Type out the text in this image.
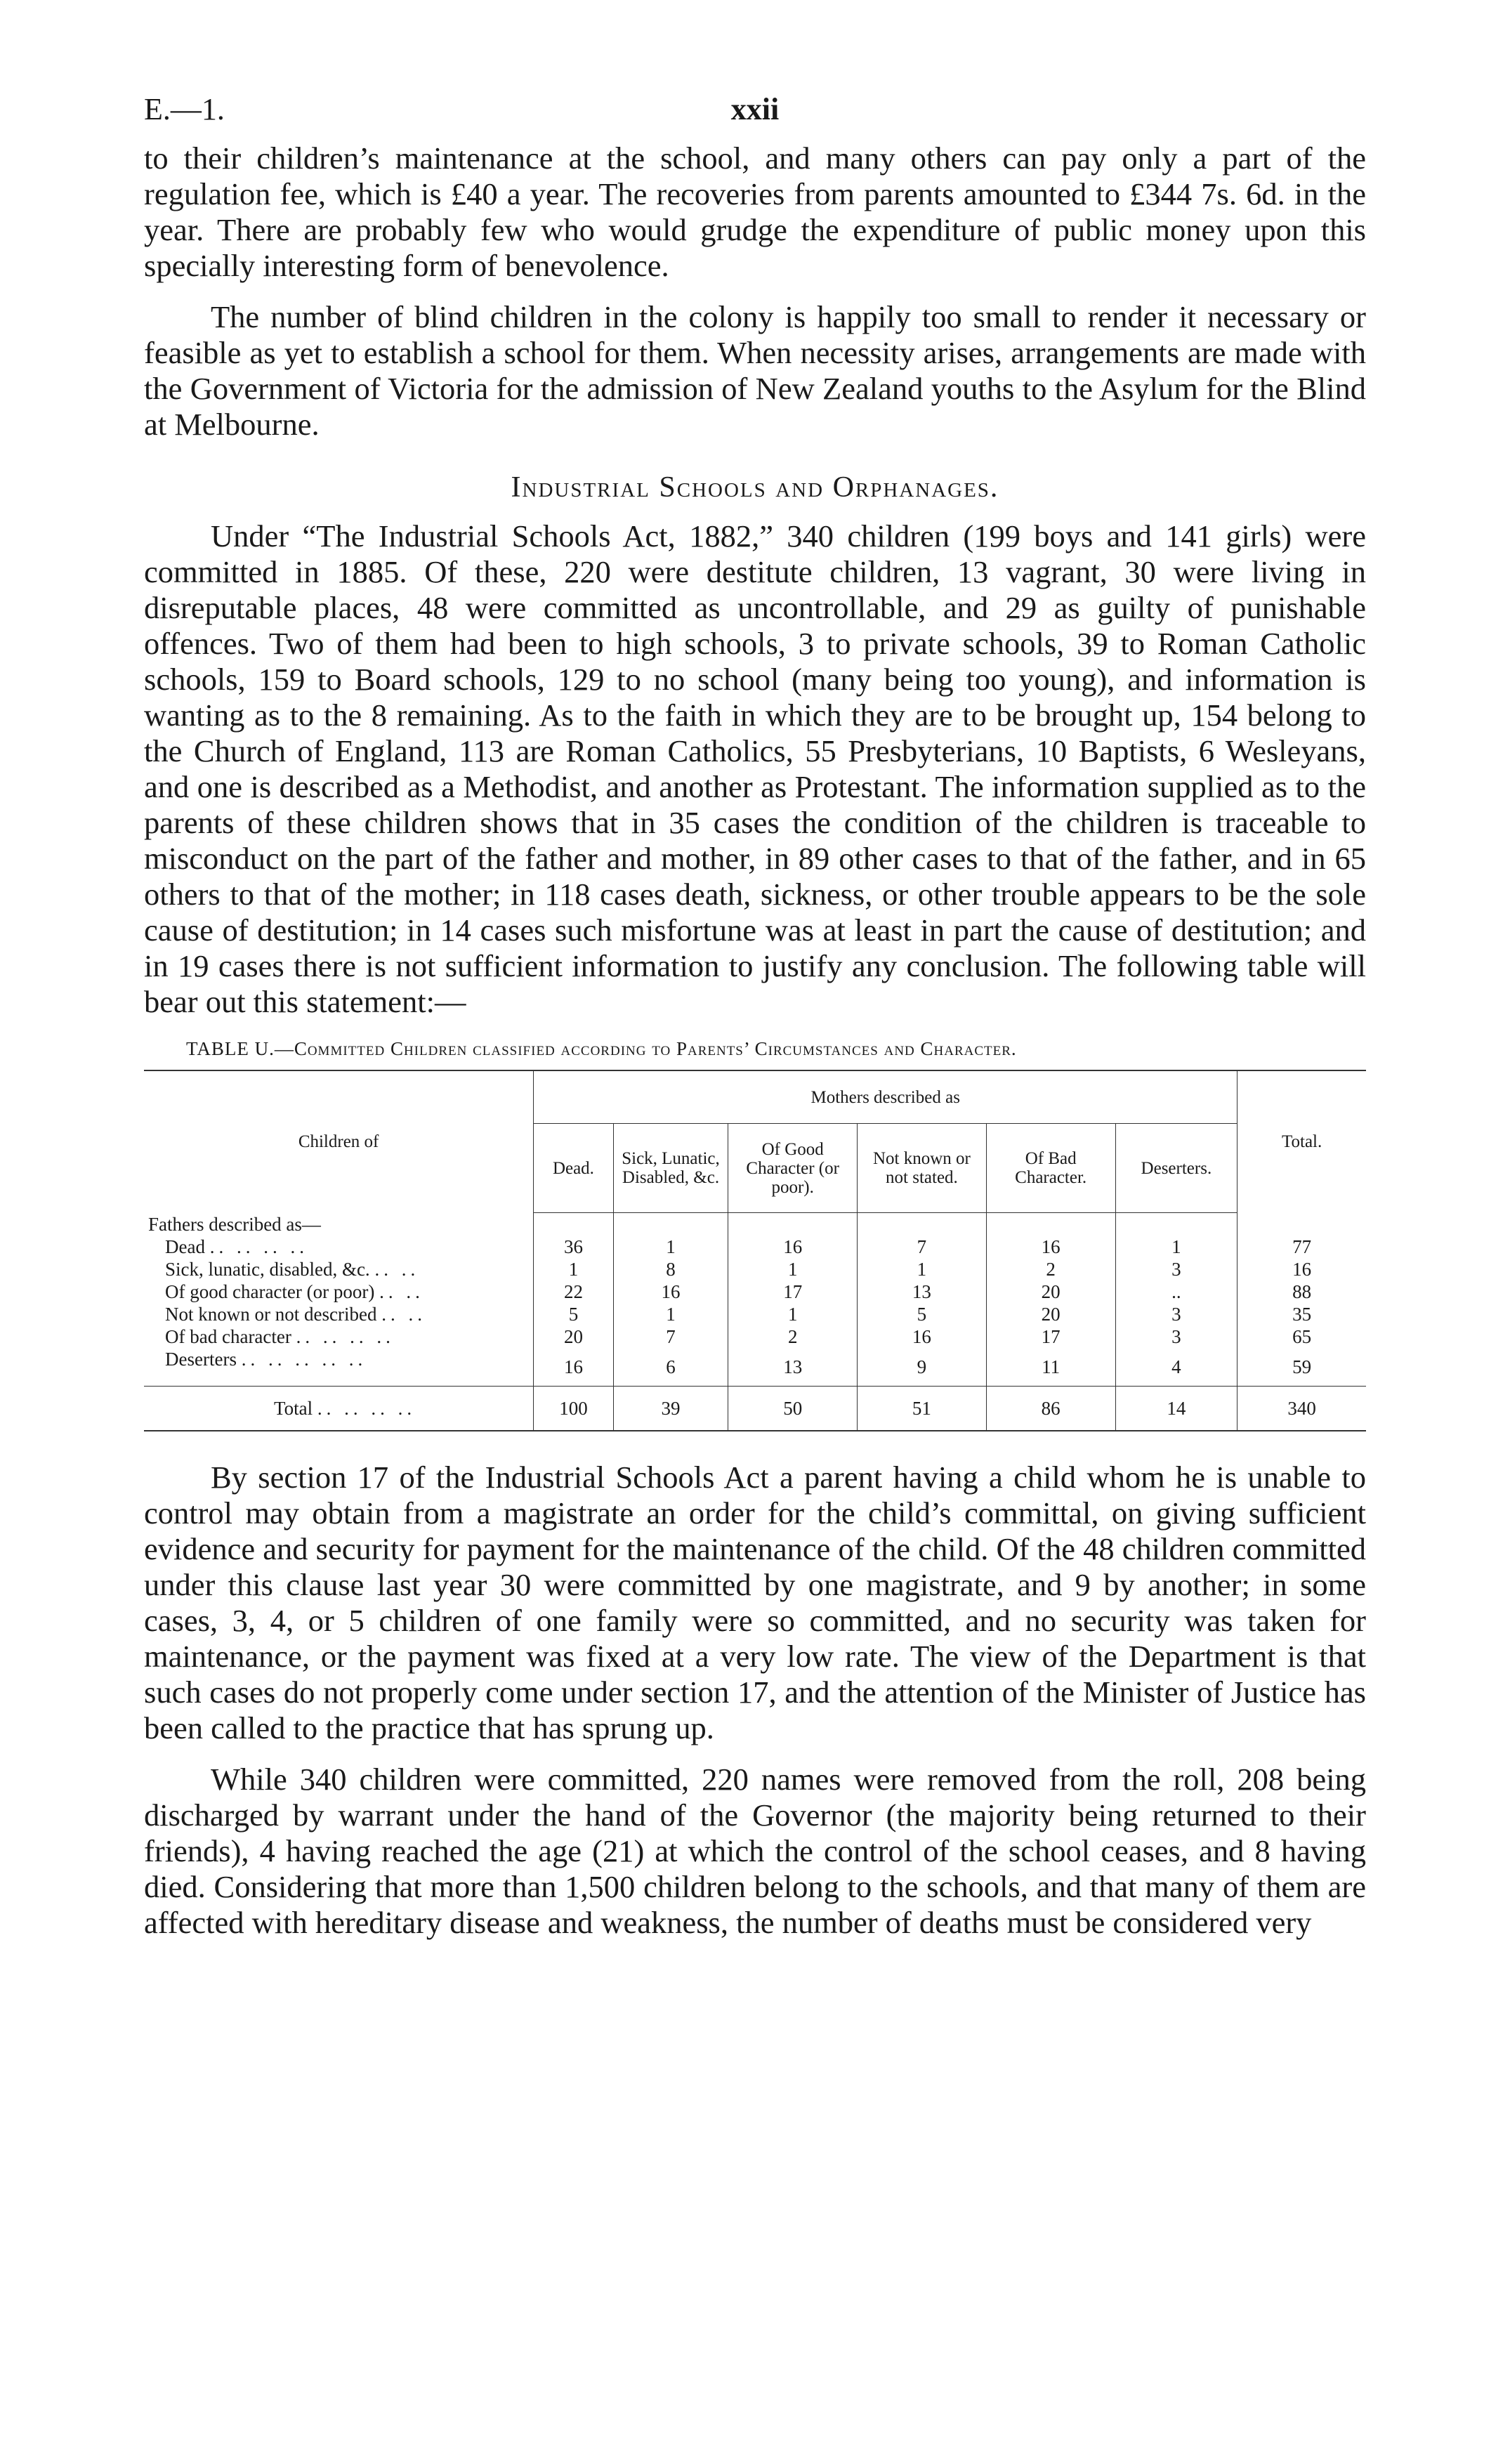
E.—1.	xxii

to their children’s maintenance at the school, and many others can pay only a part of the regulation fee, which is £40 a year. The recoveries from parents amounted to £344 7s. 6d. in the year. There are probably few who would grudge the expenditure of public money upon this specially interesting form of benevolence.

The number of blind children in the colony is happily too small to render it necessary or feasible as yet to establish a school for them. When necessity arises, arrangements are made with the Government of Victoria for the admission of New Zealand youths to the Asylum for the Blind at Melbourne.

Industrial Schools and Orphanages.

Under “The Industrial Schools Act, 1882,” 340 children (199 boys and 141 girls) were committed in 1885. Of these, 220 were destitute children, 13 vagrant, 30 were living in disreputable places, 48 were committed as uncontrollable, and 29 as guilty of punishable offences. Two of them had been to high schools, 3 to private schools, 39 to Roman Catholic schools, 159 to Board schools, 129 to no school (many being too young), and information is wanting as to the 8 remaining. As to the faith in which they are to be brought up, 154 belong to the Church of England, 113 are Roman Catholics, 55 Presbyterians, 10 Baptists, 6 Wesleyans, and one is described as a Methodist, and another as Protestant. The information supplied as to the parents of these children shows that in 35 cases the condition of the children is traceable to misconduct on the part of the father and mother, in 89 other cases to that of the father, and in 65 others to that of the mother; in 118 cases death, sickness, or other trouble appears to be the sole cause of destitution; in 14 cases such misfortune was at least in part the cause of destitution; and in 19 cases there is not sufficient information to justify any conclusion. The following table will bear out this statement:—

TABLE U.—Committed Children classified according to Parents’ Circumstances and Character.
Children of	Mothers described as						Total.
	Dead.	Sick, Lunatic, Disabled, &c.	Of Good Character (or poor).	Not known or not stated.	Of Bad Character.	Deserters.	
Fathers described as—							
Dead .. .. .. ..	36	1	16	7	16	1	77
Sick, lunatic, disabled, &c. .. ..	1	8	1	1	2	3	16
Of good character (or poor) .. ..	22	16	17	13	20	..	88
Not known or not described .. ..	5	1	1	5	20	3	35
Of bad character .. .. .. ..	20	7	2	16	17	3	65
Deserters .. .. .. .. ..	16	6	13	9	11	4	59
Total .. .. .. ..	100	39	50	51	86	14	340

By section 17 of the Industrial Schools Act a parent having a child whom he is unable to control may obtain from a magistrate an order for the child’s committal, on giving sufficient evidence and security for payment for the maintenance of the child. Of the 48 children committed under this clause last year 30 were committed by one magistrate, and 9 by another; in some cases, 3, 4, or 5 children of one family were so committed, and no security was taken for maintenance, or the payment was fixed at a very low rate. The view of the Department is that such cases do not properly come under section 17, and the attention of the Minister of Justice has been called to the practice that has sprung up.

While 340 children were committed, 220 names were removed from the roll, 208 being discharged by warrant under the hand of the Governor (the majority being returned to their friends), 4 having reached the age (21) at which the control of the school ceases, and 8 having died. Considering that more than 1,500 children belong to the schools, and that many of them are affected with hereditary disease and weakness, the number of deaths must be considered very
